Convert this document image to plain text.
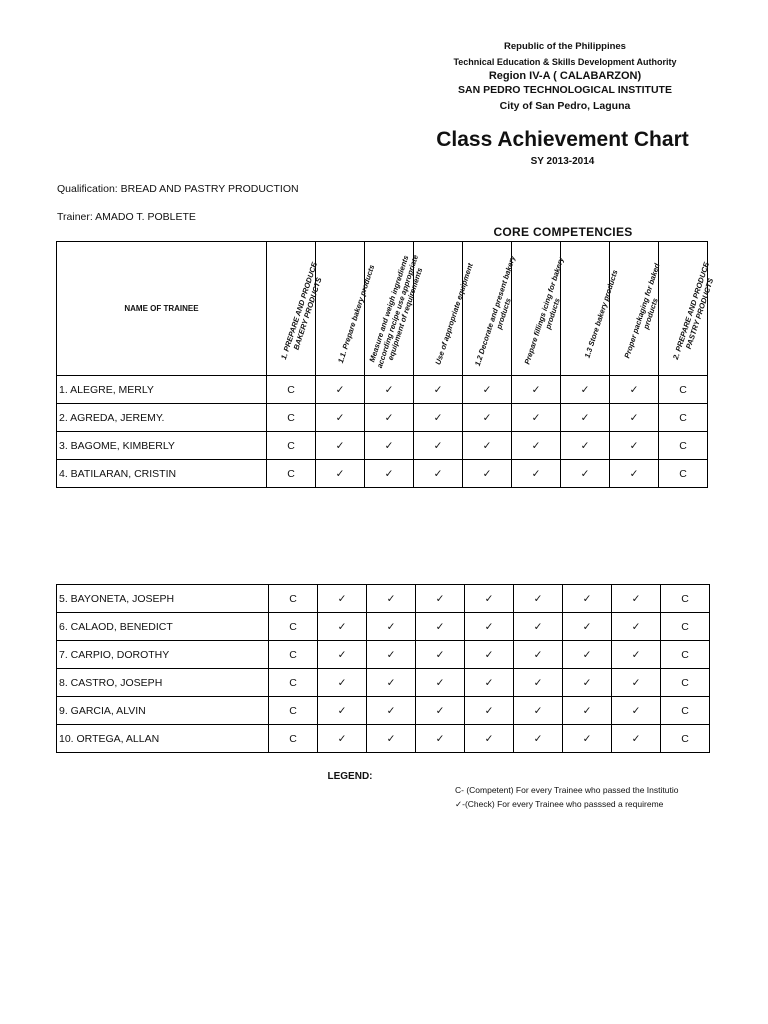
Republic of the Philippines
Technical Education & Skills Development Authority
Region IV-A ( CALABARZON)
SAN PEDRO TECHNOLOGICAL INSTITUTE
City of San Pedro, Laguna
Class Achievement Chart
SY 2013-2014
Qualification: BREAD AND PASTRY PRODUCTION
Trainer: AMADO T. POBLETE
CORE COMPETENCIES
NAME OF TRAINEE	1. PREPARE AND PRODUCE BAKERY PRODUCTS	1.1. Prepare bakery products	Measure and weigh ingredients according recipe use appropriate equipment of requirements	Use of appropriate equipment	1.2 Decorate and present bakery products	Prepare fillings icing for bakery products	1.3 Store bakery products	Proper packaging for baked products	2. PREPARE AND PRODUCE PASTRY PRODUCTS

1. ALEGRE, MERLY	C	✓	✓	✓	✓	✓	✓	✓	C
2. AGREDA, JEREMY.	C	✓	✓	✓	✓	✓	✓	✓	C
3. BAGOME, KIMBERLY	C	✓	✓	✓	✓	✓	✓	✓	C
4. BATILARAN, CRISTIN	C	✓	✓	✓	✓	✓	✓	✓	C
5. BAYONETA, JOSEPH	C	✓	✓	✓	✓	✓	✓	✓	C
6. CALAOD, BENEDICT	C	✓	✓	✓	✓	✓	✓	✓	C
7. CARPIO, DOROTHY	C	✓	✓	✓	✓	✓	✓	✓	C
8. CASTRO, JOSEPH	C	✓	✓	✓	✓	✓	✓	✓	C
9. GARCIA, ALVIN	C	✓	✓	✓	✓	✓	✓	✓	C
10. ORTEGA, ALLAN	C	✓	✓	✓	✓	✓	✓	✓	C
LEGEND:
C- (Competent) For every Trainee who passed the Institutio
✓-(Check) For every Trainee who passsed a requireme
